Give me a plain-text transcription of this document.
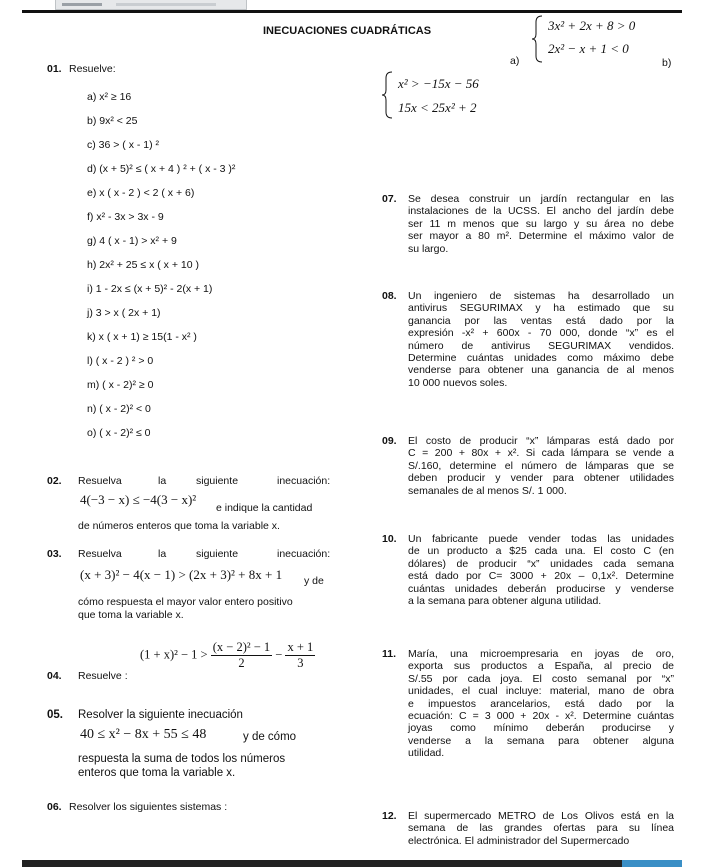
INECUACIONES CUADRÁTICAS
a)
3x² + 2x + 8 > 0
2x² − x + 1 < 0
b)
x² > −15x − 56
15x < 25x² + 2
01. Resuelve:
a) x² ≥ 16
b) 9x² < 25
c) 36 > ( x - 1) ²
d) (x + 5)² ≤ ( x + 4 ) ² + ( x - 3 )²
e) x ( x - 2 ) < 2 ( x + 6)
f) x² - 3x > 3x - 9
g) 4 ( x - 1) > x² + 9
h) 2x² + 25 ≤ x ( x + 10 )
i) 1 - 2x ≤ (x + 5)² - 2(x + 1)
j) 3 > x ( 2x + 1)
k) x ( x + 1) ≥ 15(1 - x² )
l) ( x - 2 ) ² > 0
m) ( x - 2)² ≥ 0
n) ( x - 2)² < 0
o) ( x - 2)² ≤ 0
02. Resuelva	la	siguiente	inecuación:
4(−3 − x) ≤ −4(3 − x)²
e indique la cantidad
de números enteros que toma la variable x.
03. Resuelva	la	siguiente	inecuación:
(x + 3)² − 4(x − 1) > (2x + 3)² + 8x + 1 y de
cómo respuesta el mayor valor entero positivo
que toma la variable x.
04. Resuelve :
$(1 + x)^2 - 1 > \frac{\text{(x − 2)² − 1}}{2} - \frac{x + 1}{3}$
05. Resolver la siguiente inecuación
40 ≤ x² − 8x + 55 ≤ 48	y de cómo
respuesta la suma de todos los números
enteros que toma la variable x.
06. Resolver los siguientes sistemas :
07. Se desea construir un jardín rectangular en las
instalaciones de la UCSS. El ancho del jardín debe
ser 11 m menos que su largo y su área no debe
ser mayor a 80 m². Determine el máximo valor de
su largo.
08. Un ingeniero de sistemas ha desarrollado un
antivirus SEGURIMAX y ha estimado que su
ganancia por las ventas está dado por la
expresión -x² + 600x - 70 000, donde “x” es el
número de antivirus SEGURIMAX vendidos.
Determine cuántas unidades como máximo debe
venderse para obtener una ganancia de al menos
10 000 nuevos soles.
09. El costo de producir “x” lámparas está dado por
C = 200 + 80x + x². Si cada lámpara se vende a
S/.160, determine el número de lámparas que se
deben producir y vender para obtener utilidades
semanales de al menos S/. 1 000.
10. Un fabricante puede vender todas las unidades
de un producto a $25 cada una. El costo C (en
dólares) de producir “x” unidades cada semana
está dado por C= 3000 + 20x – 0,1x². Determine
cuántas unidades deberán producirse y venderse
a la semana para obtener alguna utilidad.
11. María, una microempresaria en joyas de oro,
exporta sus productos a España, al precio de
S/.55 por cada joya. El costo semanal por “x”
unidades, el cual incluye: material, mano de obra
e impuestos arancelarios, está dado por la
ecuación: C = 3 000 + 20x - x². Determine cuántas
joyas como mínimo deberán producirse y
venderse a la semana para obtener alguna
utilidad.
12. El supermercado METRO de Los Olivos está en la
semana de las grandes ofertas para su línea
electrónica. El administrador del Supermercado
